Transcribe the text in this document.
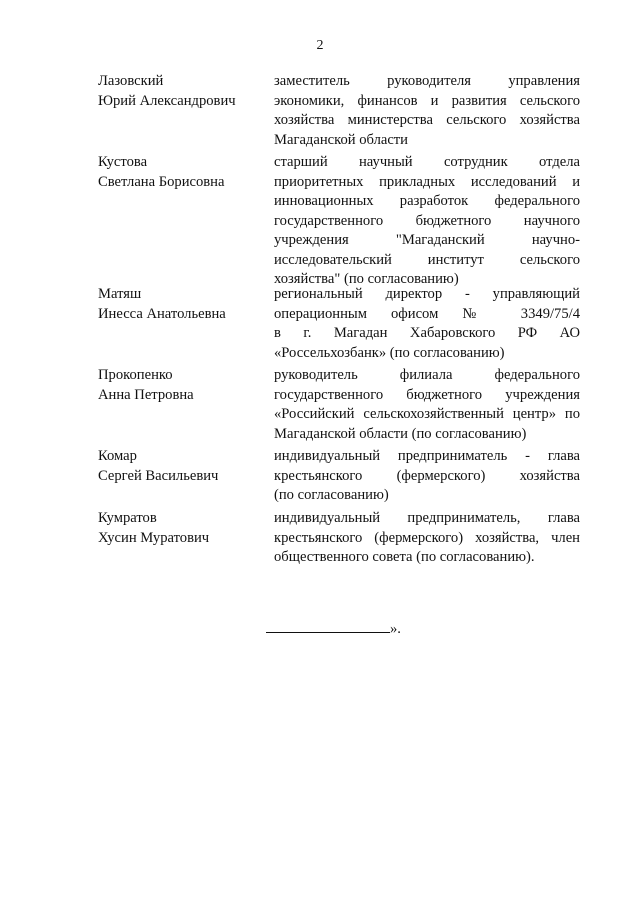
2
Лазовский
Юрий Александрович
заместитель руководителя управления
экономики, финансов и развития сельского
хозяйства министерства сельского хозяйства
Магаданской области
Кустова
Светлана Борисовна
старший научный сотрудник отдела
приоритетных прикладных исследований и
инновационных разработок федерального
государственного бюджетного научного
учреждения "Магаданский научно-
исследовательский институт сельского
хозяйства" (по согласованию)
Матяш
Инесса Анатольевна
региональный директор - управляющий
операционным офисом № 3349/75/4
в г. Магадан Хабаровского РФ АО
«Россельхозбанк» (по согласованию)
Прокопенко
Анна Петровна
руководитель филиала федерального
государственного бюджетного учреждения
«Российский сельскохозяйственный центр» по
Магаданской области (по согласованию)
Комар
Сергей Васильевич
индивидуальный предприниматель - глава
крестьянского (фермерского) хозяйства
(по согласованию)
Кумратов
Хусин Муратович
индивидуальный предприниматель, глава
крестьянского (фермерского) хозяйства, член
общественного совета (по согласованию).
».
